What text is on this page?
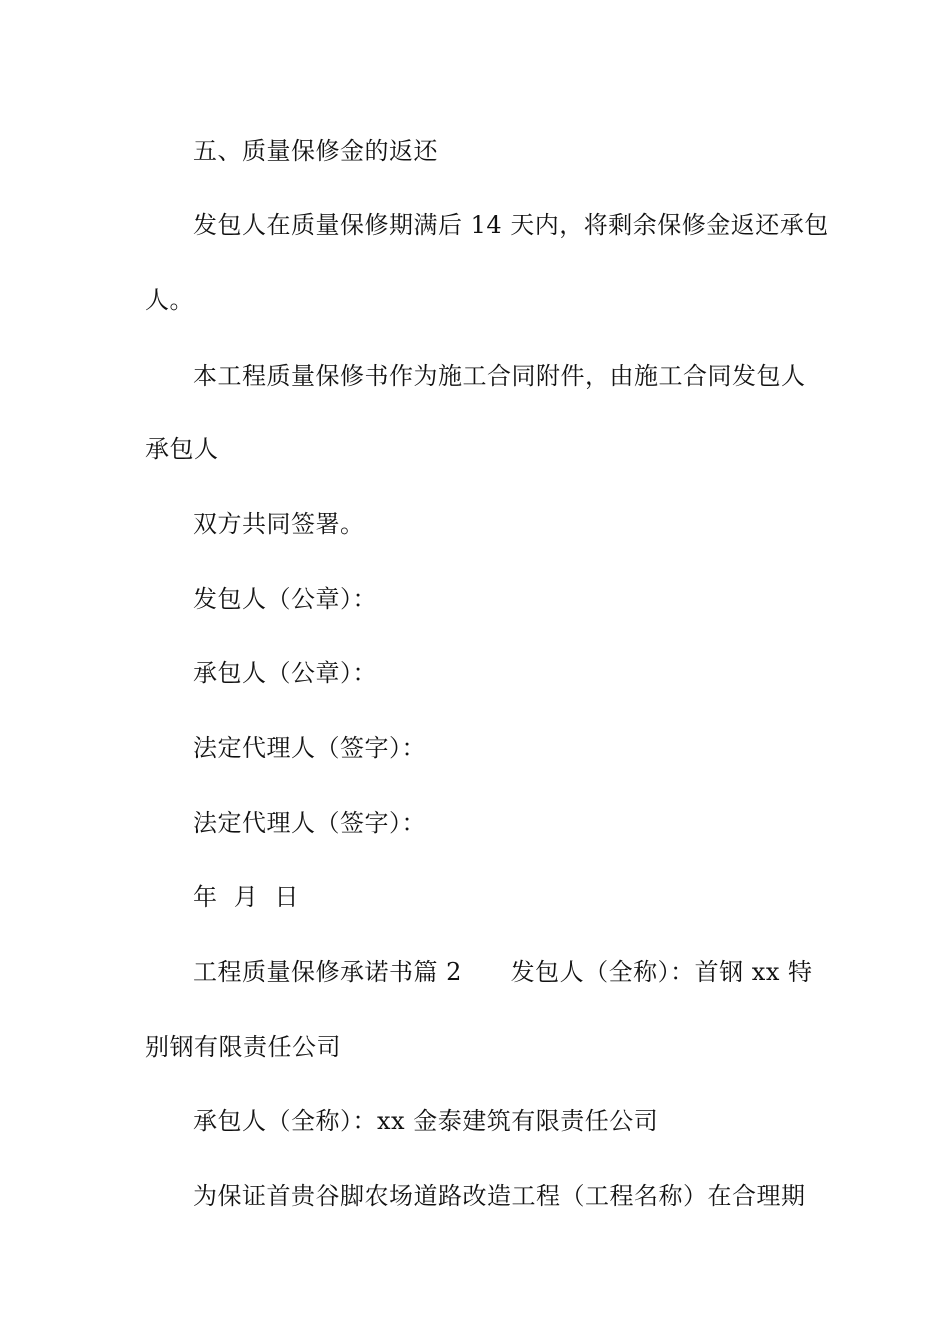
五、质量保修金的返还
发包人在质量保修期满后 14 天内，将剩余保修金返还承包
人。
本工程质量保修书作为施工合同附件，由施工合同发包人
承包人
双方共同签署。
发包人（公章）：
承包人（公章）：
法定代理人（签字）：
法定代理人（签字）：
年  月  日
工程质量保修承诺书篇 2      发包人（全称）：首钢 xx 特
别钢有限责任公司
承包人（全称）：xx 金泰建筑有限责任公司
为保证首贵谷脚农场道路改造工程（工程名称）在合理期
